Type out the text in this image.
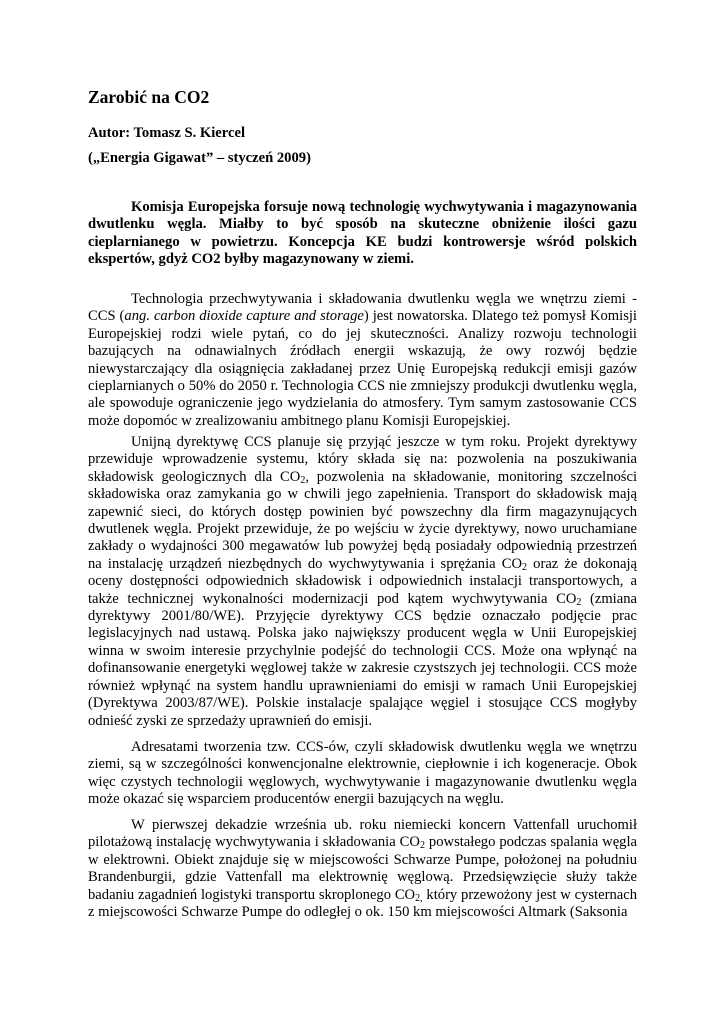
Zarobić na CO2

Autor: Tomasz S. Kiercel

(„Energia Gigawat” – styczeń 2009)

Komisja Europejska forsuje nową technologię wychwytywania i magazynowania dwutlenku węgla. Miałby to być sposób na skuteczne obniżenie ilości gazu cieplarnianego w powietrzu. Koncepcja KE budzi kontrowersje wśród polskich ekspertów, gdyż CO2 byłby magazynowany w ziemi.

Technologia przechwytywania i składowania dwutlenku węgla we wnętrzu ziemi - CCS (ang. carbon dioxide capture and storage) jest nowatorska. Dlatego też pomysł Komisji Europejskiej rodzi wiele pytań, co do jej skuteczności. Analizy rozwoju technologii bazujących na odnawialnych źródłach energii wskazują, że owy rozwój będzie niewystarczający dla osiągnięcia zakładanej przez Unię Europejską redukcji emisji gazów cieplarnianych o 50% do 2050 r. Technologia CCS nie zmniejszy produkcji dwutlenku węgla, ale spowoduje ograniczenie jego wydzielania do atmosfery. Tym samym zastosowanie CCS może dopomóc w zrealizowaniu ambitnego planu Komisji Europejskiej.

Unijną dyrektywę CCS planuje się przyjąć jeszcze w tym roku. Projekt dyrektywy przewiduje wprowadzenie systemu, który składa się na: pozwolenia na poszukiwania składowisk geologicznych dla $CO_2$, pozwolenia na składowanie, monitoring szczelności składowiska oraz zamykania go w chwili jego zapełnienia. Transport do składowisk mają zapewnić sieci, do których dostęp powinien być powszechny dla firm magazynujących dwutlenek węgla. Projekt przewiduje, że po wejściu w życie dyrektywy, nowo uruchamiane zakłady o wydajności 300 megawatów lub powyżej będą posiadały odpowiednią przestrzeń na instalację urządzeń niezbędnych do wychwytywania i sprężania $CO_2$ oraz że dokonają oceny dostępności odpowiednich składowisk i odpowiednich instalacji transportowych, a także technicznej wykonalności modernizacji pod kątem wychwytywania $CO_2$ (zmiana dyrektywy 2001/80/WE). Przyjęcie dyrektywy CCS będzie oznaczało podjęcie prac legislacyjnych nad ustawą. Polska jako największy producent węgla w Unii Europejskiej winna w swoim interesie przychylnie podejść do technologii CCS. Może ona wpłynąć na dofinansowanie energetyki węglowej także w zakresie czystszych jej technologii. CCS może również wpłynąć na system handlu uprawnieniami do emisji w ramach Unii Europejskiej (Dyrektywa 2003/87/WE). Polskie instalacje spalające węgiel i stosujące CCS mogłyby odnieść zyski ze sprzedaży uprawnień do emisji.

Adresatami tworzenia tzw. CCS-ów, czyli składowisk dwutlenku węgla we wnętrzu ziemi, są w szczególności konwencjonalne elektrownie, ciepłownie i ich kogeneracje. Obok więc czystych technologii węglowych, wychwytywanie i magazynowanie dwutlenku węgla może okazać się wsparciem producentów energii bazujących na węglu.

W pierwszej dekadzie września ub. roku niemiecki koncern Vattenfall uruchomił pilotażową instalację wychwytywania i składowania $CO_2$ powstałego podczas spalania węgla w elektrowni. Obiekt znajduje się w miejscowości Schwarze Pumpe, położonej na południu Brandenburgii, gdzie Vattenfall ma elektrownię węglową. Przedsięwzięcie służy także badaniu zagadnień logistyki transportu skroplonego $CO_{2,}$ który przewożony jest w cysternach z miejscowości Schwarze Pumpe do odległej o ok. 150 km miejscowości Altmark (Saksonia
